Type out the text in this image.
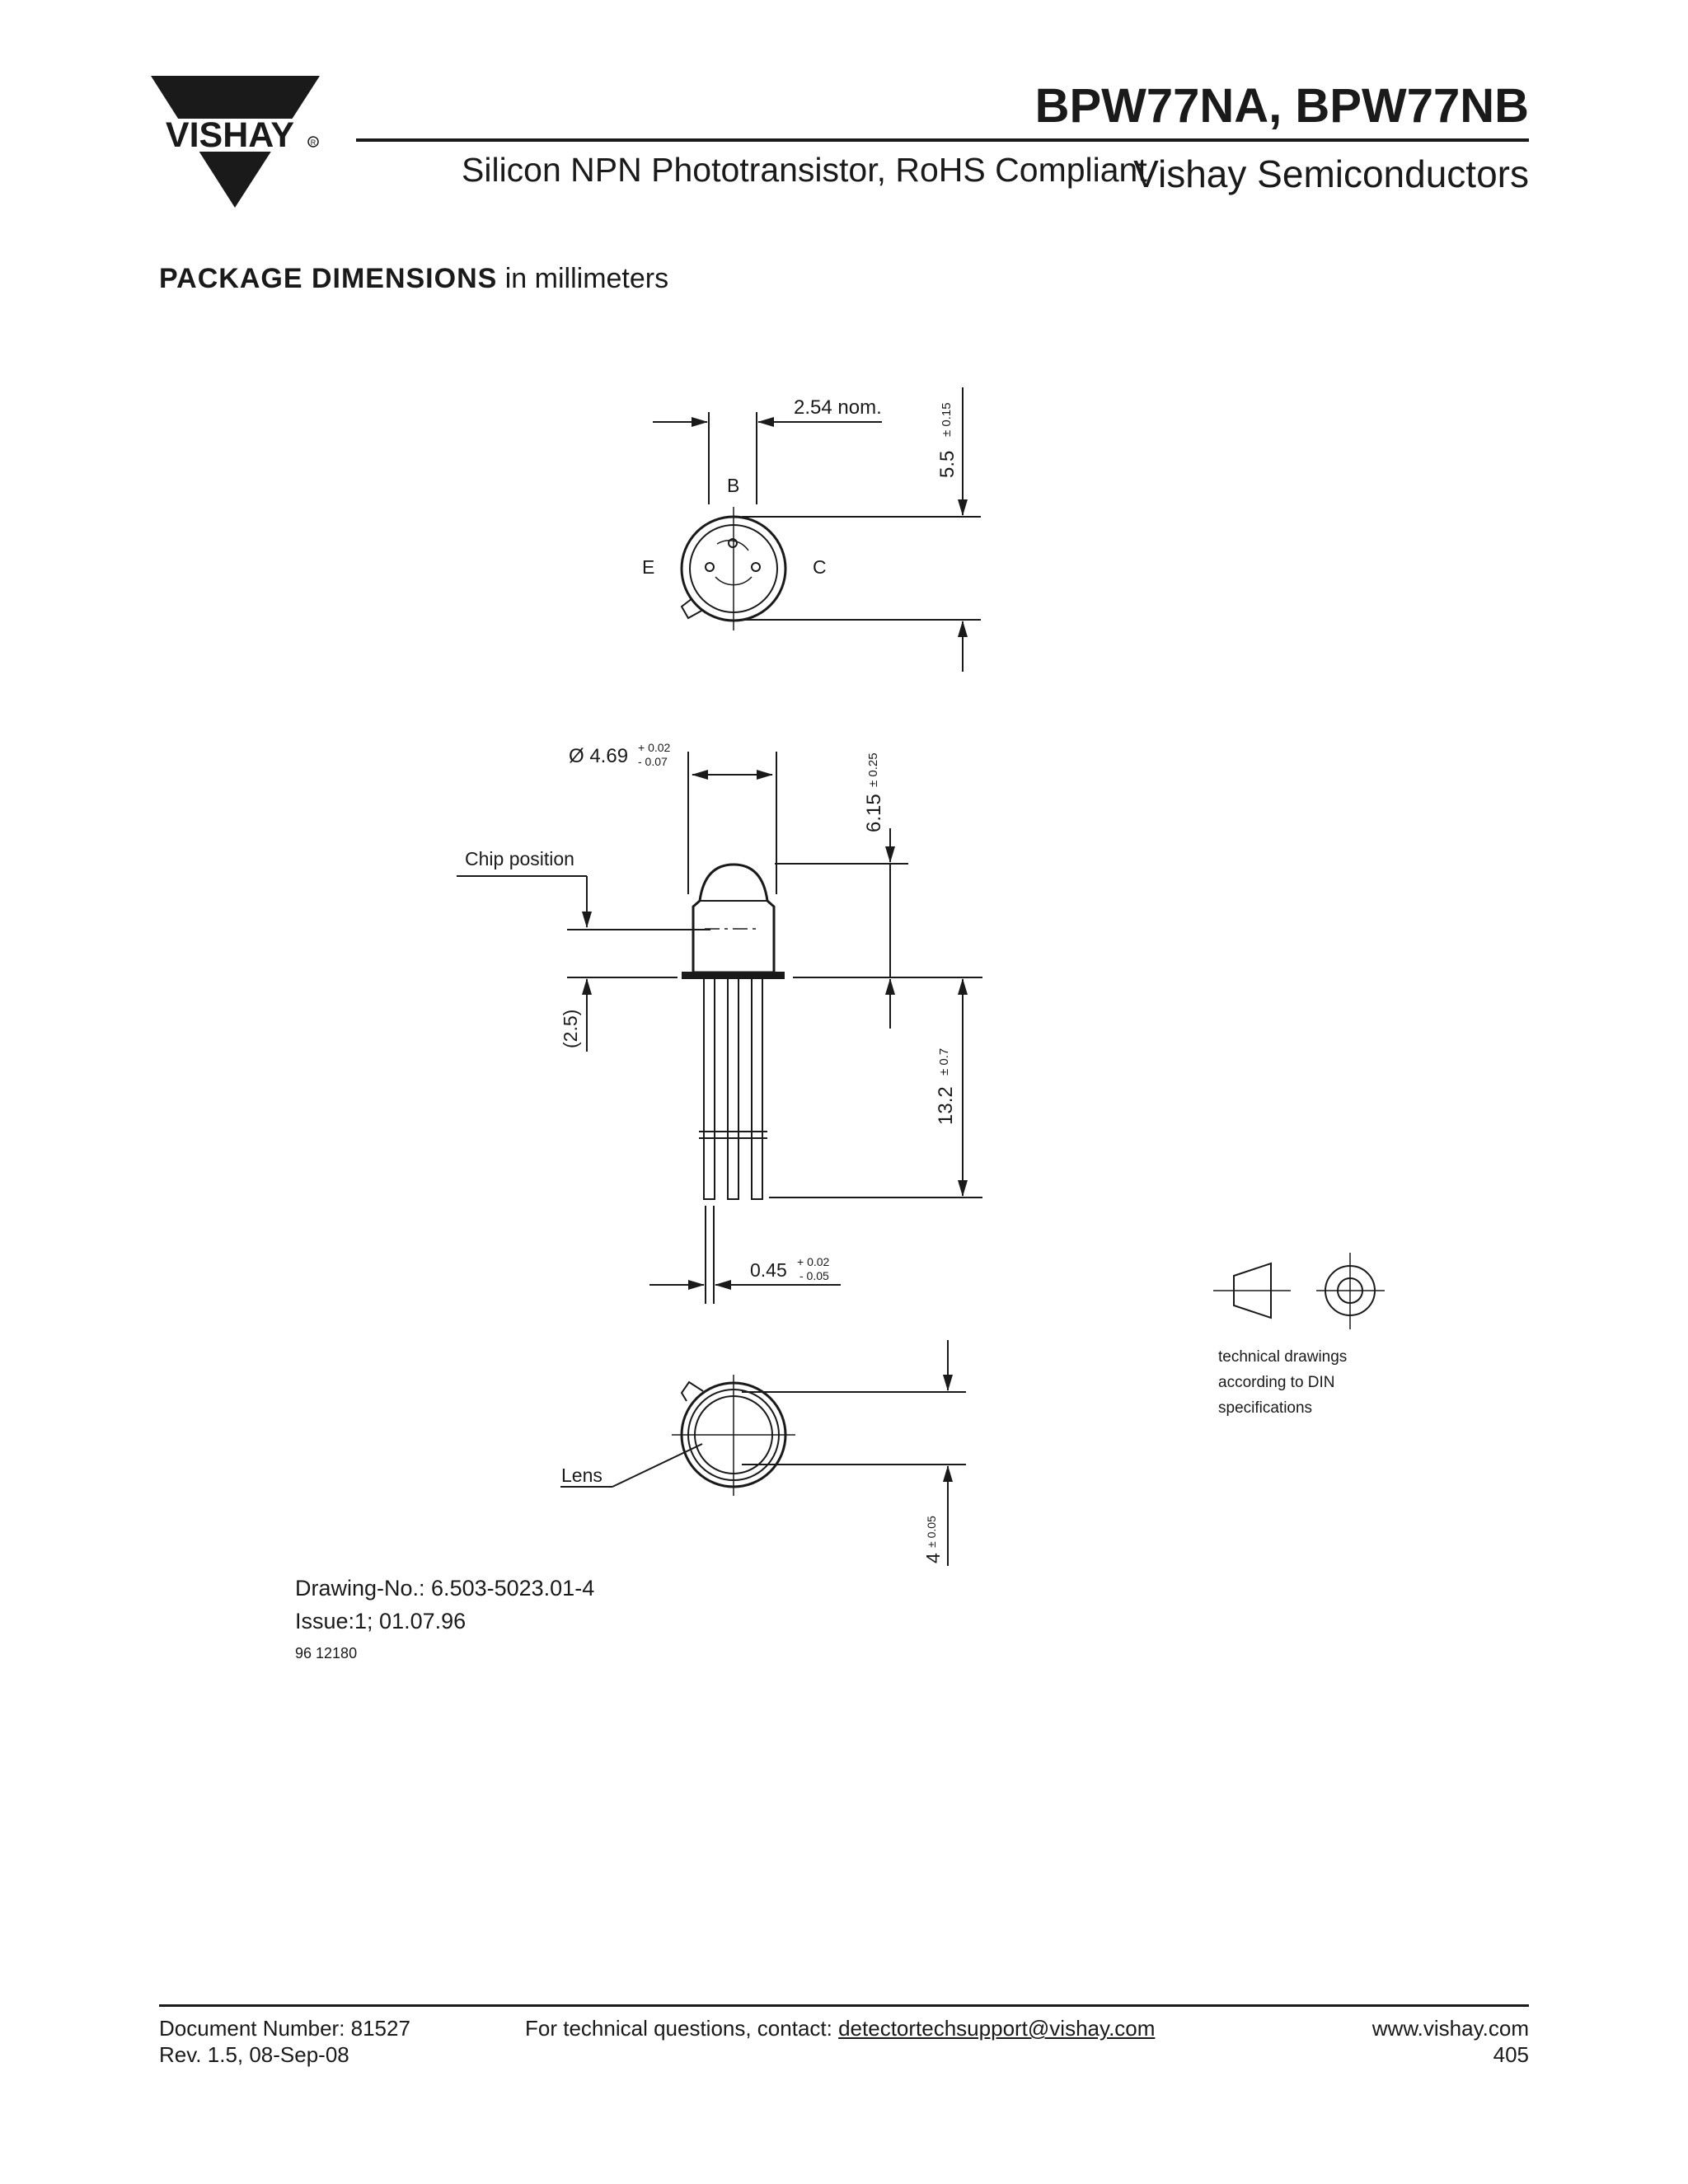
VISHAY R
BPW77NA, BPW77NB
Silicon NPN Phototransistor, RoHS Compliant
Vishay Semiconductors
PACKAGE DIMENSIONS in millimeters
2.54 nom.
B
E	C
5.5
± 0.15
Ø 4.69 + 0.02
- 0.07
6.15
± 0.25
Chip position
(2.5)
13.2
± 0.7
0.45 + 0.02
- 0.05
Lens
4
± 0.05
technical drawings
according to DIN
specifications
Drawing-No.: 6.503-5023.01-4
Issue:1; 01.07.96
96 12180
Document Number: 81527
Rev. 1.5, 08-Sep-08
For technical questions, contact: detectortechsupport@vishay.com	www.vishay.com
405
